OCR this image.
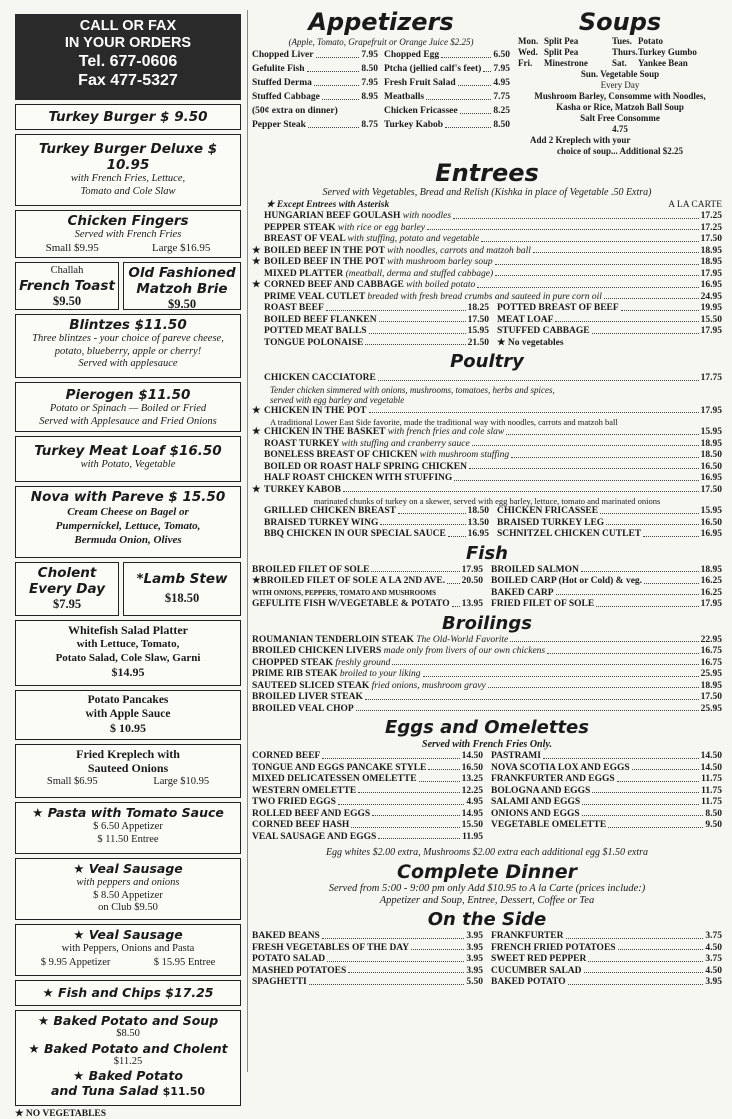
CALL OR FAX
IN YOUR ORDERS
Tel. 677-0606
Fax 477-5327
Turkey Burger $ 9.50
Turkey Burger Deluxe $ 10.95
with French Fries, Lettuce,
Tomato and Cole Slaw
Chicken Fingers
Served with French Fries
Small $9.95	Large $16.95
Challah
French Toast
$9.50
Old Fashioned
Matzoh Brie
$9.50
Blintzes $11.50
Three blintzes - your choice of pareve cheese,
potato, blueberry, apple or cherry!
Served with applesauce
Pierogen $11.50
Potato or Spinach — Boiled or Fried
Served with Applesauce and Fried Onions
Turkey Meat Loaf $16.50
with Potato, Vegetable
Nova with Pareve $ 15.50
Cream Cheese on Bagel or
Pumpernickel, Lettuce, Tomato,
Bermuda Onion, Olives
Cholent
Every Day
$7.95
*Lamb Stew
$18.50
Whitefish Salad Platter
with Lettuce, Tomato,
Potato Salad, Cole Slaw, Garni
$14.95
Potato Pancakes
with Apple Sauce
$ 10.95
Fried Kreplech with
Sauteed Onions
Small $6.95	Large $10.95
★ Pasta with Tomato Sauce
$ 6.50 Appetizer
$ 11.50 Entree
★ Veal Sausage
with peppers and onions
$ 8.50 Appetizer
on Club $9.50
★ Veal Sausage
with Peppers, Onions and Pasta
$ 9.95 Appetizer	$ 15.95 Entree
★ Fish and Chips $17.25
★ Baked Potato and Soup
$8.50
★ Baked Potato and Cholent
$11.25
★ Baked Potato
and Tuna Salad $11.50
★ NO VEGETABLES
Appetizers
(Apple, Tomato, Grapefruit or Orange Juice $2.25)
Chopped Liver	7.95
Gefulite Fish	8.50
Stuffed Derma	7.95
Stuffed Cabbage	8.95
(50¢ extra on dinner)
Pepper Steak	8.75
Chopped Egg	6.50
Ptcha (jellied calf's feet) 7.95
Fresh Fruit Salad	4.95
Meatballs	7.75
Chicken Fricassee	8.25
Turkey Kabob	8.50
Soups
Mon. Split Pea	Tues. Potato
Wed. Split Pea	Thurs. Turkey Gumbo
Fri.	Minestrone	Sat.	Yankee Bean
Sun. Vegetable Soup
Every Day
Mushroom Barley, Consomme with Noodles,
Kasha or Rice, Matzoh Ball Soup
Salt Free Consomme
4.75
Add 2 Kreplech with your
choice of soup... Additional $2.25
Entrees
Served with Vegetables, Bread and Relish (Kishka in place of Vegetable .50 Extra)
★ Except Entrees with Asterisk	A LA CARTE
HUNGARIAN BEEF GOULASH with noodles	17.25
PEPPER STEAK with rice or egg barley	17.25
BREAST OF VEAL with stuffing, potato and vegetable	17.50
★ BOILED BEEF IN THE POT with noodles, carrots and matzoh ball	18.95
★ BOILED BEEF IN THE POT with mushroom barley soup	18.95
MIXED PLATTER (meatball, derma and stuffed cabbage)	17.95
★ CORNED BEEF AND CABBAGE with boiled potato	16.95
PRIME VEAL CUTLET breaded with fresh bread crumbs and sauteed in pure corn oil	24.95
ROAST BEEF	18.25
BOILED BEEF FLANKEN	17.50
POTTED MEAT BALLS	15.95
TONGUE POLONAISE	21.50
POTTED BREAST OF BEEF	19.95
MEAT LOAF	15.50
STUFFED CABBAGE	17.95
★ No vegetables
Poultry
CHICKEN CACCIATORE	17.75
Tender chicken simmered with onions, mushrooms, tomatoes, herbs and spices,
served with egg barley and vegetable
★ CHICKEN IN THE POT	17.95
A traditional Lower East Side favorite, made the traditional way with noodles, carrots and matzoh ball
★ CHICKEN IN THE BASKET with french fries and cole slaw	15.95
ROAST TURKEY with stuffing and cranberry sauce	18.95
BONELESS BREAST OF CHICKEN with mushroom stuffing	18.50
BOILED OR ROAST HALF SPRING CHICKEN	16.50
HALF ROAST CHICKEN WITH STUFFING	16.95
★ TURKEY KABOB	17.50
marinated chunks of turkey on a skewer, served with egg barley, lettuce, tomato and marinated onions
GRILLED CHICKEN BREAST	18.50
BRAISED TURKEY WING	13.50
BBQ CHICKEN IN OUR SPECIAL SAUCE 16.95
CHICKEN FRICASSEE	15.95
BRAISED TURKEY LEG	16.50
SCHNITZEL CHICKEN CUTLET	16.95
Fish
BROILED FILET OF SOLE	17.95
★BROILED FILET OF SOLE A LA 2ND AVE. 20.50
WITH ONIONS, PEPPERS, TOMATO AND MUSHROOMS
GEFULITE FISH W/VEGETABLE & POTATO 13.95
BROILED SALMON	18.95
BOILED CARP (Hot or Cold) & veg.	16.25
BAKED CARP	16.25
FRIED FILET OF SOLE	17.95
Broilings
ROUMANIAN TENDERLOIN STEAK The Old-World Favorite	22.95
BROILED CHICKEN LIVERS made only from livers of our own chickens	16.75
CHOPPED STEAK freshly ground	16.75
PRIME RIB STEAK broiled to your liking	25.95
SAUTEED SLICED STEAK fried onions, mushroom gravy	18.95
BROILED LIVER STEAK	17.50
BROILED VEAL CHOP	25.95
Eggs and Omelettes
Served with French Fries Only.
CORNED BEEF	14.50
TONGUE AND EGGS PANCAKE STYLE	16.50
MIXED DELICATESSEN OMELETTE	13.25
WESTERN OMELETTE	12.25
TWO FRIED EGGS	4.95
ROLLED BEEF AND EGGS	14.95
CORNED BEEF HASH	15.50
VEAL SAUSAGE AND EGGS	11.95
PASTRAMI	14.50
NOVA SCOTIA LOX AND EGGS	14.50
FRANKFURTER AND EGGS	11.75
BOLOGNA AND EGGS	11.75
SALAMI AND EGGS	11.75
ONIONS AND EGGS	8.50
VEGETABLE OMELETTE	9.50
Egg whites $2.00 extra, Mushrooms $2.00 extra each additional egg $1.50 extra
Complete Dinner
Served from 5:00 - 9:00 pm only Add $10.95 to A la Carte (prices include:)
Appetizer and Soup, Entree, Dessert, Coffee or Tea
On the Side
BAKED BEANS	3.95
FRESH VEGETABLES OF THE DAY	3.95
POTATO SALAD	3.95
MASHED POTATOES	3.95
SPAGHETTI	5.50
FRANKFURTER	3.75
FRENCH FRIED POTATOES	4.50
SWEET RED PEPPER	3.75
CUCUMBER SALAD	4.50
BAKED POTATO	3.95
